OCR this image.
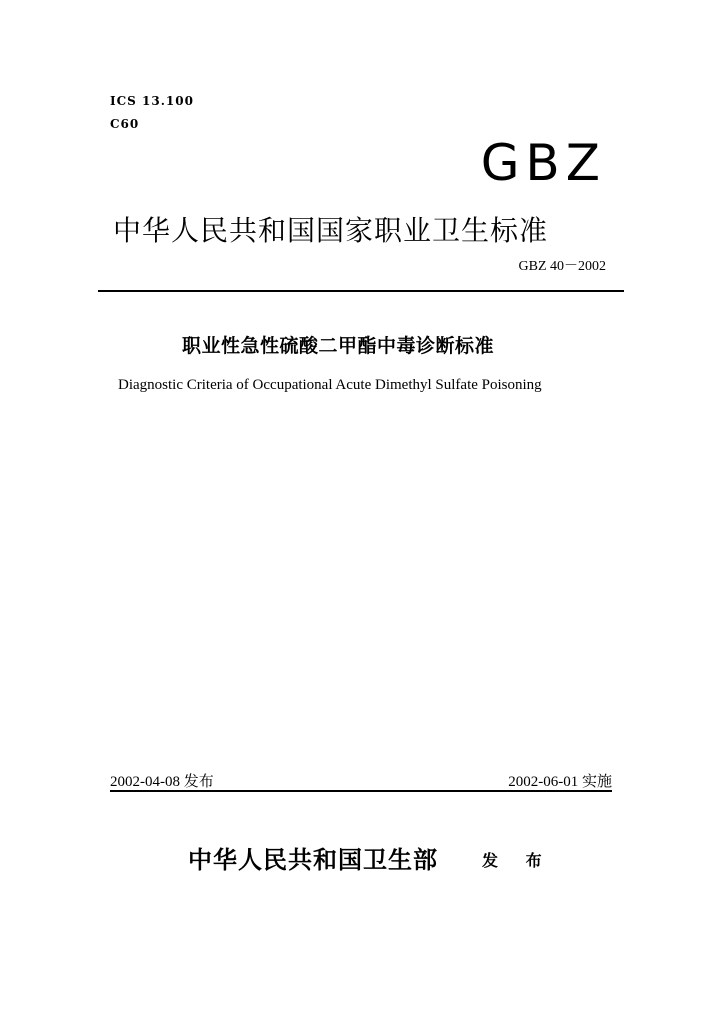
ICS 13.100
C60
GBZ
中华人民共和国国家职业卫生标准
GBZ 40－2002
职业性急性硫酸二甲酯中毒诊断标准
Diagnostic Criteria of Occupational Acute Dimethyl Sulfate Poisoning
2002-04-08 发布	2002-06-01 实施
中华人民共和国卫生部	发 布
